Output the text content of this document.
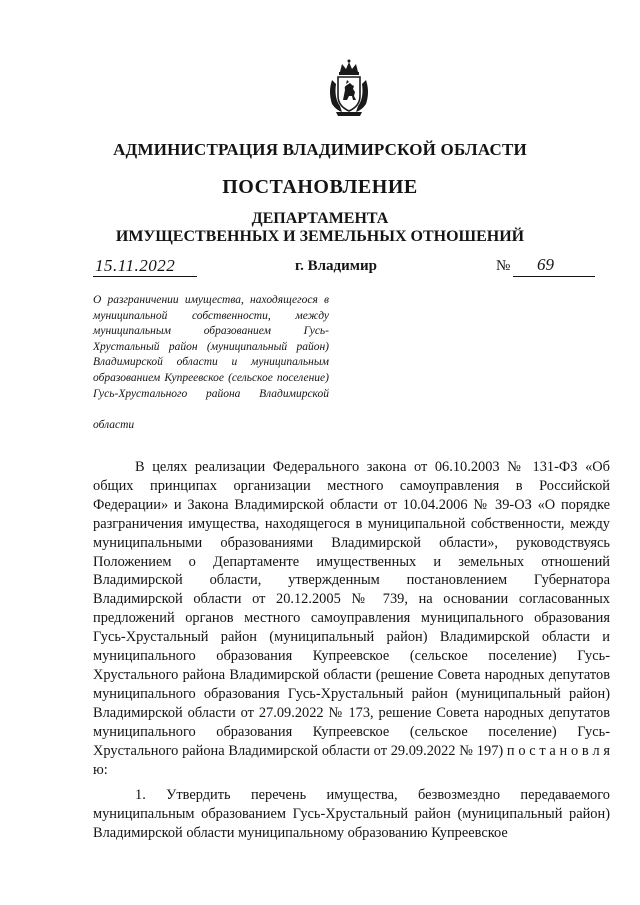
АДМИНИСТРАЦИЯ ВЛАДИМИРСКОЙ ОБЛАСТИ
ПОСТАНОВЛЕНИЕ
ДЕПАРТАМЕНТА
ИМУЩЕСТВЕННЫХ И ЗЕМЕЛЬНЫХ ОТНОШЕНИЙ
15.11.2022	г. Владимир	№ 69
О разграничении имущества, находящегося в муниципальной собственности, между муниципальным образованием Гусь-Хрустальный район (муниципальный район) Владимирской области и муниципальным образованием Купреевское (сельское поселение) Гусь-Хрустального района Владимирской
области

В целях реализации Федерального закона от 06.10.2003 № 131-ФЗ «Об общих принципах организации местного самоуправления в Российской Федерации» и Закона Владимирской области от 10.04.2006 № 39-ОЗ «О порядке разграничения имущества, находящегося в муниципальной собственности, между муниципальными образованиями Владимирской области», руководствуясь Положением о Департаменте имущественных и земельных отношений Владимирской области, утвержденным постановлением Губернатора Владимирской области от 20.12.2005 № 739, на основании согласованных предложений органов местного самоуправления муниципального образования Гусь-Хрустальный район (муниципальный район) Владимирской области и муниципального образования Купреевское (сельское поселение) Гусь-Хрустального района Владимирской области (решение Совета народных депутатов муниципального образования Гусь-Хрустальный район (муниципальный район) Владимирской области от 27.09.2022 № 173, решение Совета народных депутатов муниципального образования Купреевское (сельское поселение) Гусь-Хрустального района Владимирской области от 29.09.2022 № 197) п о с т а н о в л я ю:

1. Утвердить перечень имущества, безвозмездно передаваемого муниципальным образованием Гусь-Хрустальный район (муниципальный район) Владимирской области муниципальному образованию Купреевское
